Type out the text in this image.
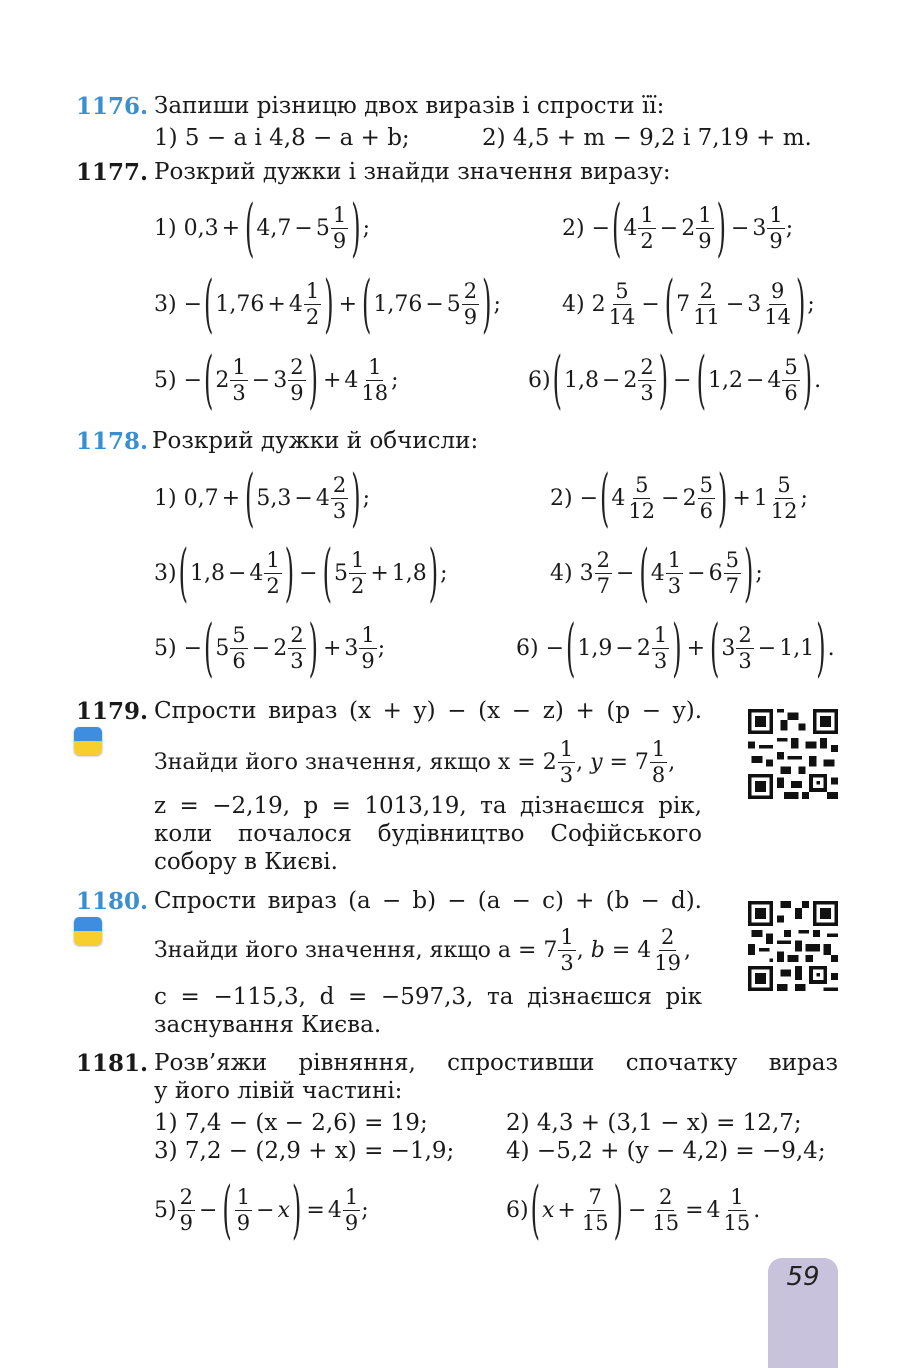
1176. Запиши різницю двох виразів і спрости її:
1) 5 − a і 4,8 − a + b;	2) 4,5 + m − 9,2 і 7,19 + m.
1177. Розкрий дужки і знайди значення виразу:
1) 0,3 + ( $4,7 - 5 \frac{1}{9}$ ) ;	2) − ( $4 \frac{1}{2} - 2 \frac{1}{9}$ ) − $3 \frac{1}{9}$ ;
3) − ( $1,76 + 4 \frac{1}{2}$ ) + ( $1,76 - 5 \frac{2}{9}$ ) ;	4) $2 \frac{5}{14}$ − ( $7 \frac{2}{11} - 3 \frac{9}{14}$ ) ;
5) − ( $2 \frac{1}{3} - 3 \frac{2}{9}$ ) + $4 \frac{1}{18}$ ;	6) ( $1,8 - 2 \frac{2}{3}$ ) − ( $1,2 - 4 \frac{5}{6}$ ) .
1178. Розкрий дужки й обчисли:
1) 0,7 + ( $5,3 - 4 \frac{2}{3}$ ) ;	2) − ( $4 \frac{5}{12} - 2 \frac{5}{6}$ ) + $1 \frac{5}{12}$ ;
3) ( $1,8 - 4 \frac{1}{2}$ ) − ( $5 \frac{1}{2} + 1,8$ ) ;	4) $3 \frac{2}{7}$ − ( $4 \frac{1}{3} - 6 \frac{5}{7}$ ) ;
5) − ( $5 \frac{5}{6} - 2 \frac{2}{3}$ ) + $3 \frac{1}{9}$ ;	6) − ( $1,9 - 2 \frac{1}{3}$ ) + ( $3 \frac{2}{3} - 1,1$ ) .
1179. Спрости вираз (x + y) − (x − z) + (p − y).
Знайди його значення, якщо $x = 2 \frac{1}{3}$ , $y = 7 \frac{1}{8}$ ,
z = −2,19, p = 1013,19, та дізнаєшся рік,
коли почалося будівництво Софійського
собору в Києві.
1180. Спрости вираз (a − b) − (a − c) + (b − d).
Знайди його значення, якщо $a = 7 \frac{1}{3}$ , $b = 4 \frac{2}{19}$ ,
c = −115,3, d = −597,3, та дізнаєшся рік
заснування Києва.
1181. Розв’яжи рівняння, спростивши спочатку вираз
у його лівій частині:
1) 7,4 − (x − 2,6) = 19;	2) 4,3 + (3,1 − x) = 12,7;
3) 7,2 − (2,9 + x) = −1,9; 4) −5,2 + (y − 4,2) = −9,4;
$5) \frac{2}{9}$ − ( $\frac{1}{9} - x$ ) = $4 \frac{1}{9}$ ;	6) ( $x + \frac{7}{15}$ ) − $\frac{2}{15} = 4 \frac{1}{15}$ .
59
